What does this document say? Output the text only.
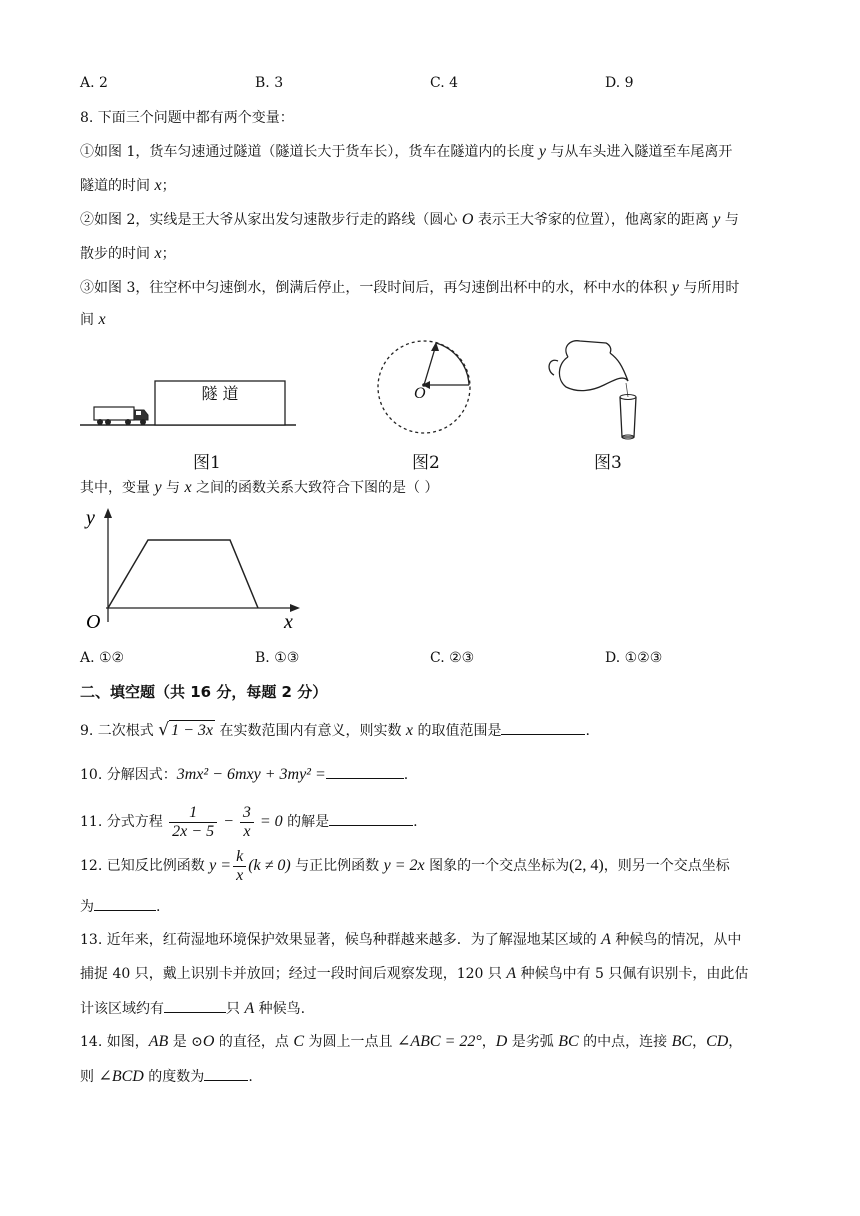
A. 2	B. 3	C. 4	D. 9
8. 下面三个问题中都有两个变量：
①如图 1，货车匀速通过隧道（隧道长大于货车长），货车在隧道内的长度 y 与从车头进入隧道至车尾离开
隧道的时间 x；
②如图 2，实线是王大爷从家出发匀速散步行走的路线（圆心 O 表示王大爷家的位置），他离家的距离 y 与
散步的时间 x；
③如图 3，往空杯中匀速倒水，倒满后停止，一段时间后，再匀速倒出杯中的水，杯中水的体积 y 与所用时
间 x
隧 道	O
图1	图2	图3
其中，变量 y 与 x 之间的函数关系大致符合下图的是（ ）
y
x
O
A. ①②	B. ①③	C. ②③	D. ①②③
二、填空题（共 16 分，每题 2 分）
9. 二次根式 √ 1 − 3x 在实数范围内有意义，则实数 x 的取值范围是	.
10. 分解因式：3mx² − 6mxy + 3my² =	.
11. 分式方程 $\frac{1}{2x - 5} - \frac{3}{x} = 0$ 的解是	.
12. 已知反比例函数 $y = \frac{k}{x} (k \ne 0)$ 与正比例函数 y = 2x 图象的一个交点坐标为(2, 4)，则另一个交点坐标
为	.
13. 近年来，红荷湿地环境保护效果显著，候鸟种群越来越多．为了解湿地某区域的 A 种候鸟的情况，从中
捕捉 40 只，戴上识别卡并放回；经过一段时间后观察发现，120 只 A 种候鸟中有 5 只佩有识别卡，由此估
计该区域约有	只 A 种候鸟.
14. 如图，AB 是 ⊙O 的直径，点 C 为圆上一点且 ∠ABC = 22°，D 是劣弧 BC 的中点，连接 BC，CD，
则 ∠BCD 的度数为	.
